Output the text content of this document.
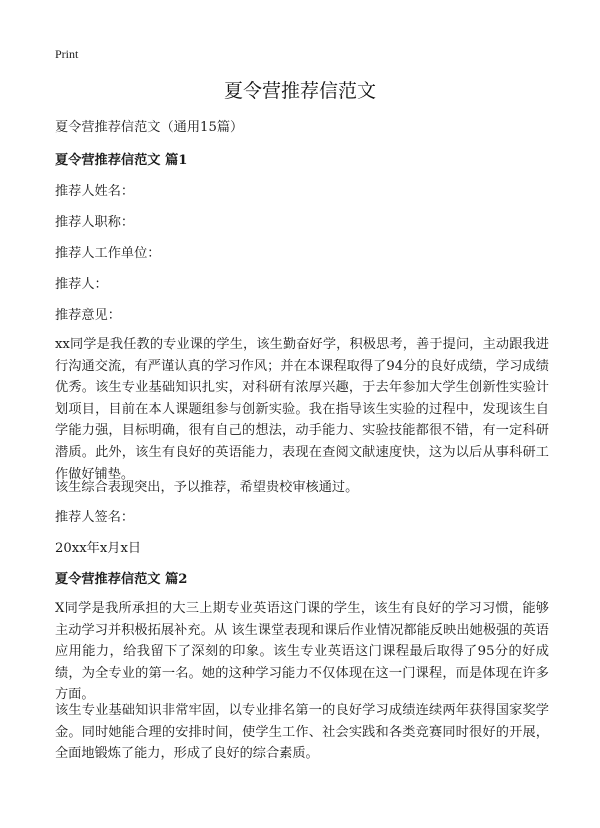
Print
夏令营推荐信范文
夏令营推荐信范文（通用15篇）
夏令营推荐信范文 篇1
推荐人姓名：
推荐人职称：
推荐人工作单位：
推荐人：
推荐意见：
xx同学是我任教的专业课的学生，该生勤奋好学，积极思考，善于提问，主动跟我进行沟通交流，有严谨认真的学习作风；并在本课程取得了94分的良好成绩，学习成绩优秀。该生专业基础知识扎实，对科研有浓厚兴趣，于去年参加大学生创新性实验计划项目，目前在本人课题组参与创新实验。我在指导该生实验的过程中，发现该生自学能力强，目标明确，很有自己的想法，动手能力、实验技能都很不错，有一定科研潜质。此外，该生有良好的英语能力，表现在查阅文献速度快，这为以后从事科研工作做好铺垫。
该生综合表现突出，予以推荐，希望贵校审核通过。
推荐人签名：
20xx年x月x日
夏令营推荐信范文 篇2
X同学是我所承担的大三上期专业英语这门课的学生，该生有良好的学习习惯，能够主动学习并积极拓展补充。从 该生课堂表现和课后作业情况都能反映出她极强的英语应用能力，给我留下了深刻的印象。该生专业英语这门课程最后取得了95分的好成绩，为全专业的第一名。她的这种学习能力不仅体现在这一门课程，而是体现在许多方面。
该生专业基础知识非常牢固，以专业排名第一的良好学习成绩连续两年获得国家奖学金。同时她能合理的安排时间，使学生工作、社会实践和各类竞赛同时很好的开展，全面地锻炼了能力，形成了良好的综合素质。
